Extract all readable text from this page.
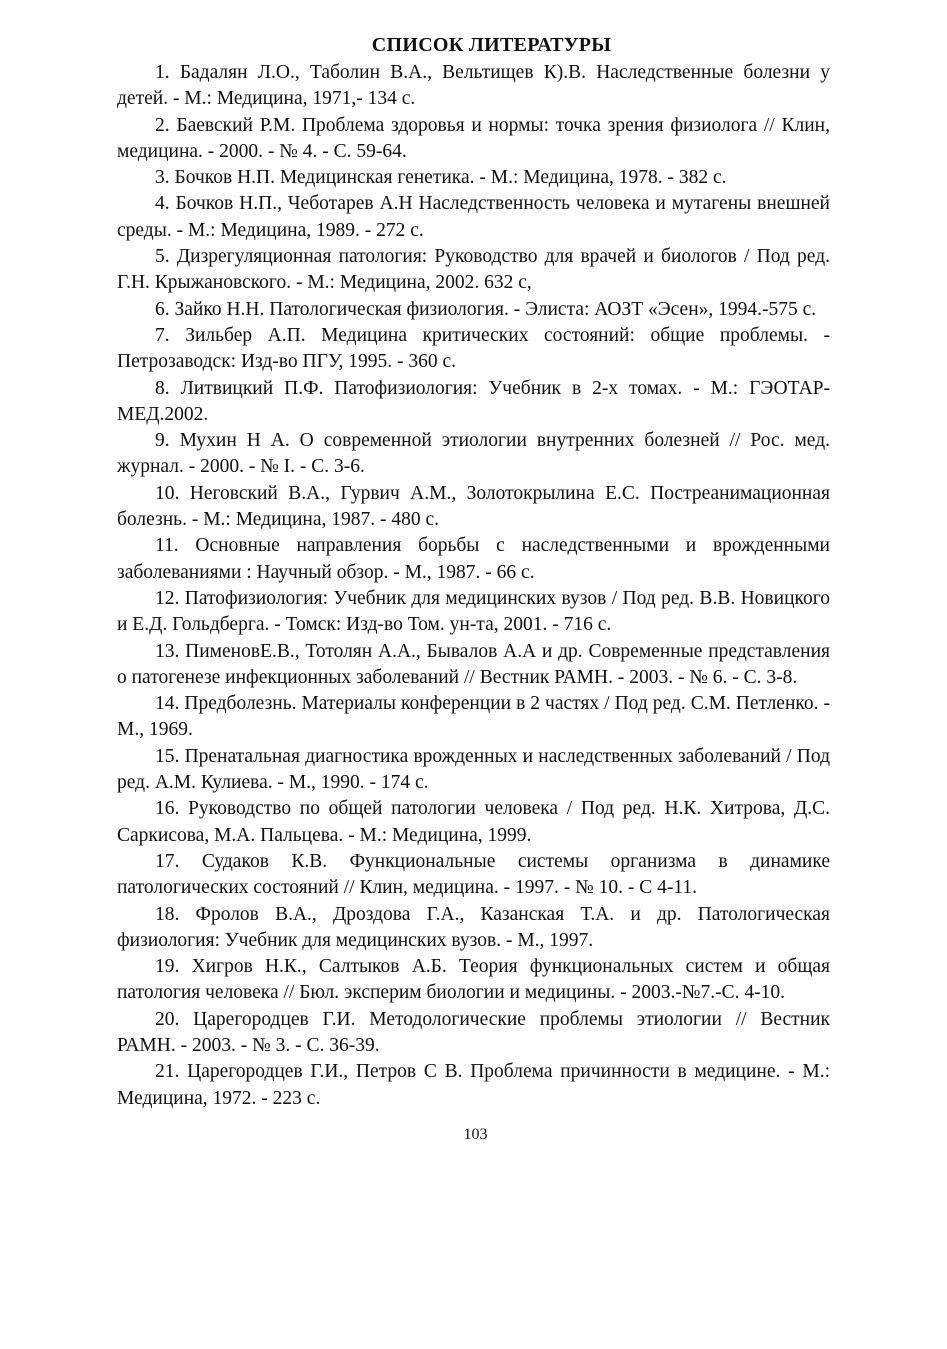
СПИСОК ЛИТЕРАТУРЫ

1. Бадалян Л.О., Таболин В.А., Вельтищев К).В. Наследственные болезни у детей. - М.: Медицина, 1971,- 134 с.

2. Баевский Р.М. Проблема здоровья и нормы: точка зрения физиолога // Клин, медицина. - 2000. - № 4. - С. 59-64.

3. Бочков Н.П. Медицинская генетика. - М.: Медицина, 1978. - 382 с.

4. Бочков Н.П., Чеботарев А.Н Наследственность человека и мутагены внешней среды. - М.: Медицина, 1989. - 272 с.

5. Дизрегуляционная патология: Руководство для врачей и биологов / Под ред. Г.Н. Крыжановского. - М.: Медицина, 2002. 632 с,

6. Зайко Н.Н. Патологическая физиология. - Элиста: АОЗТ «Эсен», 1994.-575 с.

7. Зильбер А.П. Медицина критических состояний: общие проблемы. - Петрозаводск: Изд-во ПГУ, 1995. - 360 с.

8. Литвицкий П.Ф. Патофизиология: Учебник в 2-х томах. - М.: ГЭОТАР-МЕД.2002.

9. Мухин Н А. О современной этиологии внутренних болезней // Рос. мед. журнал. - 2000. - № I. - С. 3-6.

10. Неговский В.А., Гурвич А.М., Золотокрылина Е.С. Постреанимационная болезнь. - М.: Медицина, 1987. - 480 с.

11. Основные направления борьбы с наследственными и врожденными заболеваниями : Научный обзор. - М., 1987. - 66 с.

12. Патофизиология: Учебник для медицинских вузов / Под ред. В.В. Новицкого и Е.Д. Гольдберга. - Томск: Изд-во Том. ун-та, 2001. - 716 с.

13. ПименовЕ.В., Тотолян А.А., Бывалов А.А и др. Современные представления о патогенезе инфекционных заболеваний // Вестник РАМН. - 2003. - № 6. - С. 3-8.

14. Предболезнь. Материалы конференции в 2 частях / Под ред. С.М. Петленко. - М., 1969.

15. Пренатальная диагностика врожденных и наследственных заболеваний / Под ред. А.М. Кулиева. - М., 1990. - 174 с.

16. Руководство по общей патологии человека / Под ред. Н.К. Хитрова, Д.С. Саркисова, М.А. Пальцева. - М.: Медицина, 1999.

17. Судаков К.В. Функциональные системы организма в динамике патологических состояний // Клин, медицина. - 1997. - № 10. - С 4-11.

18. Фролов В.А., Дроздова Г.А., Казанская Т.А. и др. Патологическая физиология: Учебник для медицинских вузов. - М., 1997.

19. Хигров Н.К., Салтыков А.Б. Теория функциональных систем и общая патология человека // Бюл. эксперим биологии и медицины. - 2003.-№7.-С. 4-10.

20. Царегородцев Г.И. Методологические проблемы этиологии // Вестник РАМН. - 2003. - № 3. - С. 36-39.

21. Царегородцев Г.И., Петров С В. Проблема причинности в медицине. - М.: Медицина, 1972. - 223 с.

103
